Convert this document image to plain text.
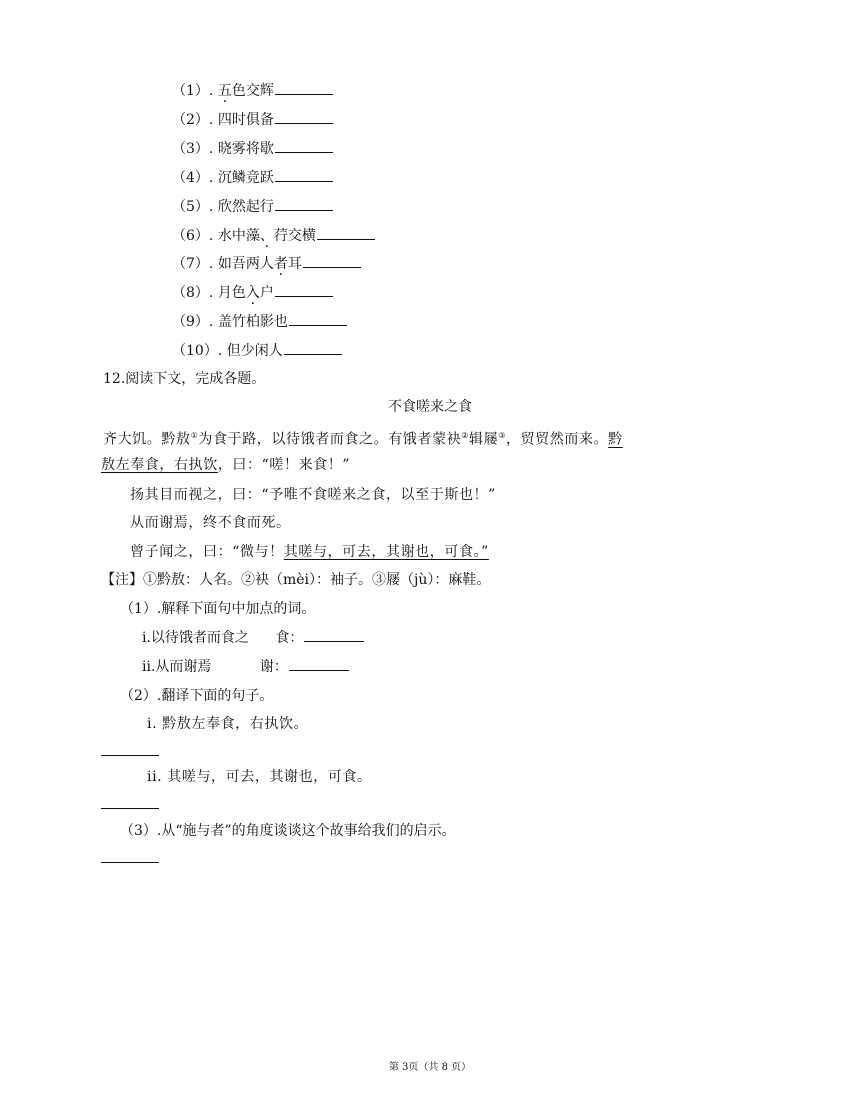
（1）. 五色交辉
（2）. 四时俱备
（3）. 晓雾将歇
（4）. 沉鳞竞跃
（5）. 欣然起行
（6）. 水中藻、 ·荇交横
（7）. 如吾两人者耳
（8）. 月色入户
（9）. 盖竹柏影也
（10）. 但少闲人
12.阅读下文，完成各题。
不食嗟来之食
齐大饥。黔敖①为食于路，以待饿者而食之。有饿者蒙袂②辑屦③，贸贸然而来。黔
敖左奉食，右执饮，曰：“嗟！来食！”
扬其目而视之，曰：“予唯不食嗟来之食，以至于斯也！”
从而谢焉，终不食而死。
曾子闻之，曰：“微与！其嗟与，可去，其谢也，可食。”
【注】①黔敖：人名。②袂（mèi）：袖子。③屦（jù）：麻鞋。
（1）.解释下面句中加点的词。
i.以待饿者而食之 食：
ii.从而谢焉	谢：
（2）.翻译下面的句子。
i. 黔敖左奉食，右执饮。
ii. 其嗟与，可去，其谢也，可食。
（3）.从“施与者”的角度谈谈这个故事给我们的启示。
第 3页（共 8 页）
